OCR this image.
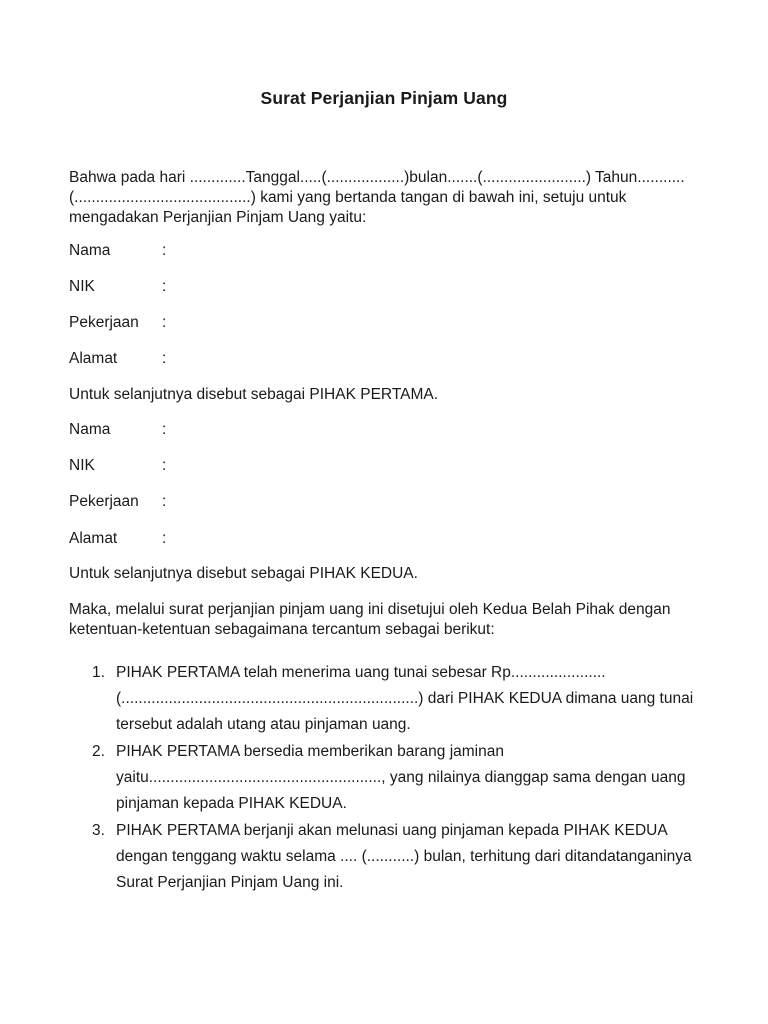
Surat Perjanjian Pinjam Uang

Bahwa pada hari .............Tanggal.....(..................)bulan.......(........................) Tahun...........(.........................................) kami yang bertanda tangan di bawah ini, setuju untuk mengadakan Perjanjian Pinjam Uang yaitu:

Nama	:
NIK	:
Pekerjaan :
Alamat	:

Untuk selanjutnya disebut sebagai PIHAK PERTAMA.

Nama	:
NIK	:
Pekerjaan :
Alamat	:

Untuk selanjutnya disebut sebagai PIHAK KEDUA.

Maka, melalui surat perjanjian pinjam uang ini disetujui oleh Kedua Belah Pihak dengan ketentuan-ketentuan sebagaimana tercantum sebagai berikut:

1. PIHAK PERTAMA telah menerima uang tunai sebesar Rp...................... (.....................................................................) dari PIHAK KEDUA dimana uang tunai tersebut adalah utang atau pinjaman uang.
2. PIHAK PERTAMA bersedia memberikan barang jaminan yaitu......................................................, yang nilainya dianggap sama dengan uang pinjaman kepada PIHAK KEDUA.
3. PIHAK PERTAMA berjanji akan melunasi uang pinjaman kepada PIHAK KEDUA dengan tenggang waktu selama .... (...........) bulan, terhitung dari ditandatanganinya Surat Perjanjian Pinjam Uang ini.
